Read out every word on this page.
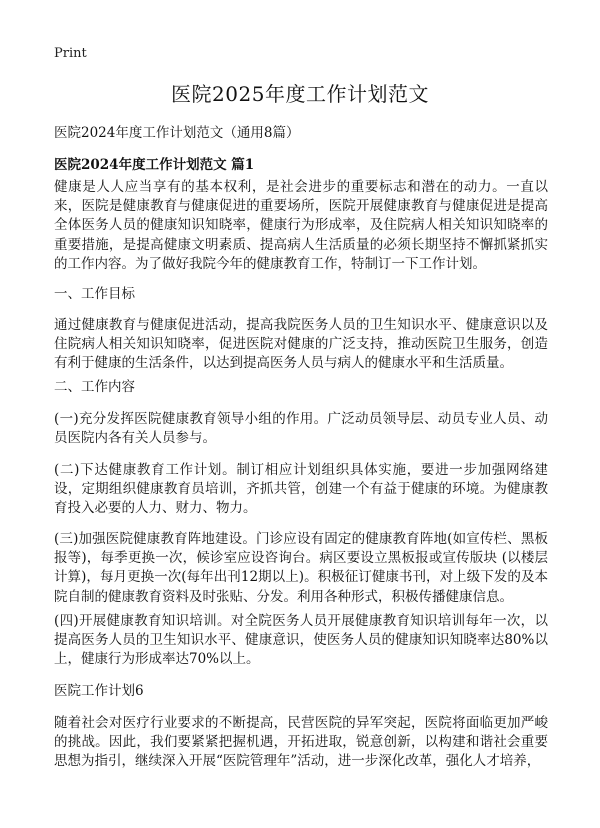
Print
医院2025年度工作计划范文

医院2024年度工作计划范文（通用8篇）

医院2024年度工作计划范文 篇1

健康是人人应当享有的基本权利，是社会进步的重要标志和潜在的动力。一直以来，医院是健康教育与健康促进的重要场所，医院开展健康教育与健康促进是提高全体医务人员的健康知识知晓率，健康行为形成率，及住院病人相关知识知晓率的重要措施，是提高健康文明素质、提高病人生活质量的必须长期坚持不懈抓紧抓实的工作内容。为了做好我院今年的健康教育工作，特制订一下工作计划。

一、工作目标

通过健康教育与健康促进活动，提高我院医务人员的卫生知识水平、健康意识以及住院病人相关知识知晓率，促进医院对健康的广泛支持，推动医院卫生服务，创造有利于健康的生活条件，以达到提高医务人员与病人的健康水平和生活质量。

二、工作内容

(一)充分发挥医院健康教育领导小组的作用。广泛动员领导层、动员专业人员、动员医院内各有关人员参与。

(二)下达健康教育工作计划。制订相应计划组织具体实施，要进一步加强网络建设，定期组织健康教育员培训，齐抓共管，创建一个有益于健康的环境。为健康教育投入必要的人力、财力、物力。

(三)加强医院健康教育阵地建设。门诊应设有固定的健康教育阵地(如宣传栏、黑板报等)，每季更换一次，候诊室应设咨询台。病区要设立黑板报或宣传版块 (以楼层计算)，每月更换一次(每年出刊12期以上)。积极征订健康书刊，对上级下发的及本院自制的健康教育资料及时张贴、分发。利用各种形式，积极传播健康信息。

(四)开展健康教育知识培训。对全院医务人员开展健康教育知识培训每年一次，以提高医务人员的卫生知识水平、健康意识，使医务人员的健康知识知晓率达80%以上，健康行为形成率达70%以上。

医院工作计划6

随着社会对医疗行业要求的不断提高，民营医院的异军突起，医院将面临更加严峻的挑战。因此，我们要紧紧把握机遇，开拓进取，锐意创新，以构建和谐社会重要思想为指引，继续深入开展“医院管理年”活动，进一步深化改革，强化人才培养，
